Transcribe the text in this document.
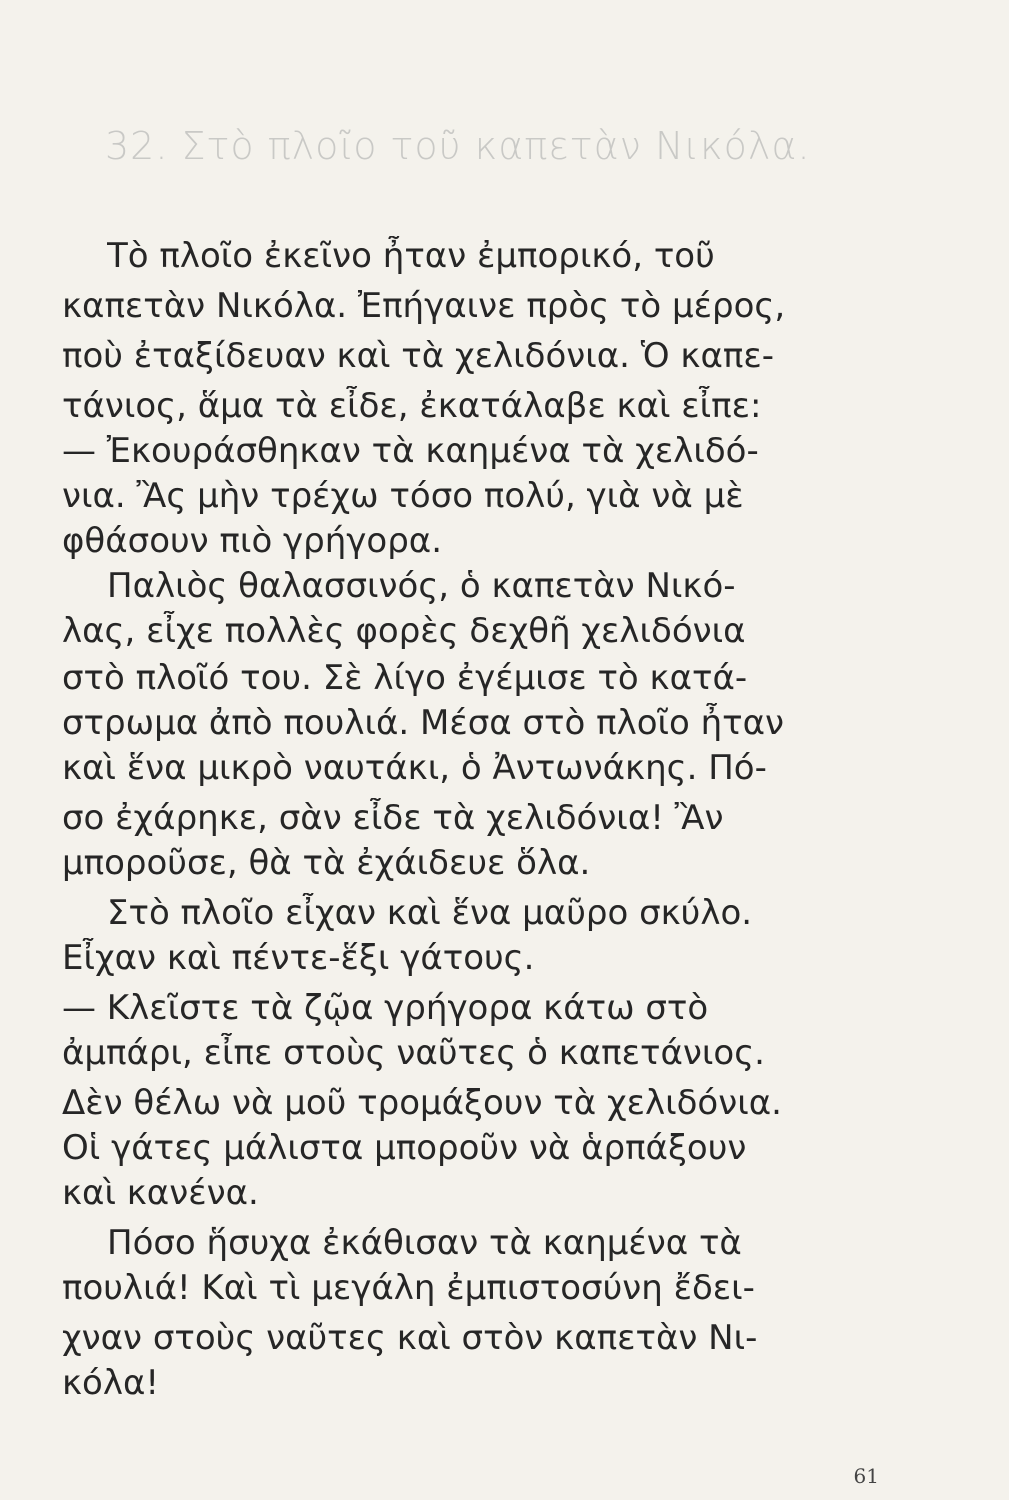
32. Στὸ πλοῖο τοῦ καπετὰν Νικόλα.
Τὸ πλοῖο ἐκεῖνο ἦταν ἐμπορικό, τοῦ
καπετὰν Νικόλα. Ἐπήγαινε πρὸς τὸ μέρος,
ποὺ ἐταξίδευαν καὶ τὰ χελιδόνια. Ὁ καπε-
τάνιος, ἅμα τὰ εἶδε, ἐκατάλαβε καὶ εἶπε:
— Ἐκουράσθηκαν τὰ καημένα τὰ χελιδό-
νια. Ἂς μὴν τρέχω τόσο πολύ, γιὰ νὰ μὲ
φθάσουν πιὸ γρήγορα.
Παλιὸς θαλασσινός, ὁ καπετὰν Νικό-
λας, εἶχε πολλὲς φορὲς δεχθῆ χελιδόνια
στὸ πλοῖό του. Σὲ λίγο ἐγέμισε τὸ κατά-
στρωμα ἀπὸ πουλιά. Μέσα στὸ πλοῖο ἦταν
καὶ ἕνα μικρὸ ναυτάκι, ὁ Ἀντωνάκης. Πό-
σο ἐχάρηκε, σὰν εἶδε τὰ χελιδόνια! Ἂν
μποροῦσε, θὰ τὰ ἐχάιδευε ὅλα.
Στὸ πλοῖο εἶχαν καὶ ἕνα μαῦρο σκύλο.
Εἶχαν καὶ πέντε-ἕξι γάτους.
— Κλεῖστε τὰ ζῷα γρήγορα κάτω στὸ
ἀμπάρι, εἶπε στοὺς ναῦτες ὁ καπετάνιος.
Δὲν θέλω νὰ μοῦ τρομάξουν τὰ χελιδόνια.
Οἱ γάτες μάλιστα μποροῦν νὰ ἁρπάξουν
καὶ κανένα.
Πόσο ἥσυχα ἐκάθισαν τὰ καημένα τὰ
πουλιά! Καὶ τὶ μεγάλη ἐμπιστοσύνη ἔδει-
χναν στοὺς ναῦτες καὶ στὸν καπετὰν Νι-
κόλα!
61
